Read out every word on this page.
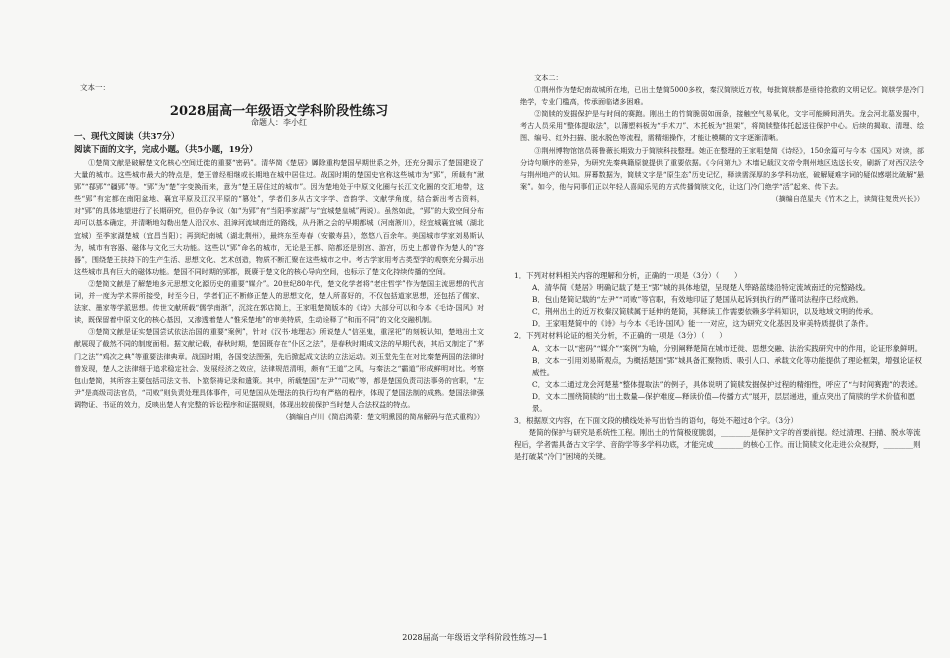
文本一：
2028届高一年级语文学科阶段性练习
命题人：李小红
一、现代文阅读（共37分）
阅读下面的文字，完成小题。（共5小题，19分）

①楚简文献是破解楚文化核心空间迁徙的重要“密码”。清华简《楚居》羼除重构楚国早期世系之外，还充分揭示了楚国建设了大量的城市。这些城市最大的特点是，楚王曾经相继或长期地在城中居住过。战国时期的楚国史官称这些城市为“郢”，所载有“湫郢”“鄀郢”“疆郢”等。“郢”为“楚”字变换而来，意为“楚王居住过的城市”。因为楚地处于中原文化圈与长江文化圈的交汇地带，这些“郢”有定都在南阳盆地、襄宜平原及江汉平原的“篡处”，学者们多从古文字学、音韵学、文献学角度，结合新出考古资料，对“郢”的具体地望进行了长期研究，但仍存争议（如“为郢”有“当阳季家湖”与“宜城楚皇城”两说）。虽然如此，“郢”的大致空间分布却可以基本确定，并清晰地勾勒出楚人沿汉水、沮漳河流域南迁的路线，从丹淅之会的早期都城（河南淅川），经宜城襄宜城（湖北宜城）至季家湖楚城（宜昌当阳）；再到纪南城（湖北荆州），最终东至寿春（安徽寿县），悠悠八百余年。美国城市学家刘易斯认为，城市有容器、磁体与文化三大功能。这些以“郢”命名的城市，无论是王都、陪都还是别宫、游宫，历史上都曾作为楚人的“容器”，围绕楚王扶持下的生产生活、思想文化、艺术创造，物质不断汇聚在这些城市之中。考古学家用考古类型学的观察充分揭示出这些城市具有巨大的磁体功能。楚国不同时期的郢都，既赓于楚文化的核心导向空间，也标示了楚文化持续传播的空间。

②楚简文献是了解楚地多元思想文化源历史的重要“媒介”。20世纪80年代，楚文化学者将“老庄哲学”作为楚国主流思想的代言词，并一度为学术界所接受，时至今日，学者们正不断修正楚人的思想文化，楚人所喜好的，不仅包括道家思想，还包括了儒家、法家、墨家等学派思想。传世文献所载“儒学南渐”，沉淀在郭店简上，王家咀楚简版本的《诗》大部分可以和今本《毛诗·国风》对读，既保留着中原文化的核心基因，又渗透着楚人“惟采楚地”的审美特质，生动诠释了“和而不同”的文化交融机制。

③楚简文献是证实楚国尝试依法治国的重要“案例”，针对《汉书·地理志》所说楚人“信巫鬼，重淫祀”的刻板认知，楚地出土文献展现了截然不同的制度面相。据文献记载，春秋时期，楚国既存在“仆区之法”，是春秋时期成文法的早期代表，其后又制定了“茅门之法”“鸡次之典”等重要法律典章。战国时期，各国变法图强，先后掀起成文法的立法运动。刘玉堂先生在对比秦楚两国的法律时曾发现，楚人之法律细于追求稳定社会、发展经济之效应，法律规范清明，颇有“王道”之风，与秦法之“霸道”形成鲜明对比。考察包山楚简，其所容主要包括司法文书、卜筮祭祷记录和遣策。其中，所载楚国“左尹”“司败”等，都是楚国负责司法事务的官职，“左尹”是高级司法官员，“司败”则负责处理具体事件，可见楚国从处理法的执行均有严格的程序，体现了楚国法制的成熟。楚国法律强调物证、书证的效力，反映出楚人有完整的诉讼程序和证据规则，体现出较前保护当时楚人合法权益的特点。

（摘编自卢川《简启鸿蒙：楚文明熏园的简帛解码与范式重构》）

文本二：

①荆州作为楚纪南故城所在地，已出土楚简5000多枚，秦汉简牍近万枚，每批简牍都是亟待抢救的文明记忆。简牍学是冷门绝学，专业门槛高，传承面临诸多困难。

②简牍的发掘保护是与时间的赛跑。刚出土的竹简脆弱如面条，接触空气易氧化，文字可能瞬间消失。龙会河北墓发掘中，考古人员采用“整体提取法”，以薄塑料板为“手术刀”、木托板为“担架”，将简牍整体托起送往保护中心。后续的揭取、清理、绘图、编号、红外扫描、脱水脱色等流程，需精细操作，才能让模糊的文字逐渐清晰。

③荆州博物馆馆员蒋鲁薇长期致力于简牍科技整理。她正在整理的王家咀楚简《诗经》，150余篇可与今本《国风》对读，部分诗句顺序的差异，为研究先秦典籍原貌提供了重要依据。《今问第九》木墙记载汉文帝令荆州地区选送长安，刷新了对西汉法令与荆州地产的认知。屏幕数据为，简牍文字是“原生态”历史记忆，释读需深厚的多学科功底，破解疑难字词的疑似感堪比破解“悬案”。如今，他与同事们正以年轻人喜闻乐见的方式传播简牍文化，让这门冷门绝学“活”起来、传下去。

（摘编自范星夫《竹木之上，读简往复贵兴长》）

1．下列对材料相关内容的理解和分析，正确的一项是（3分）（　　）

A．清华简《楚居》明确记载了楚王“郢”城的具体地望，呈现楚人筚路蓝缕沿特定流域南迁的完整路线。

B．包山楚简记载的“左尹”“司败”等官职，有效地印证了楚国从起诉到执行的严谨司法程序已经成熟。

C．荆州出土的近万枚秦汉简牍属于延伸的楚简，其释读工作需要依赖多学科知识，以及地域文明的传承。

D．王家咀楚简中的《诗》与今本《毛诗·国风》能一一对应，这为研究文化基因及审美特质提供了条件。

2．下列对材料论证的相关分析，不正确的一项是（3分）（　　）

A．文本一以“密码”“媒介”“案例”为喻，分别阐释楚简在城市迁徙、思想交融、法治实践研究中的作用，论证形象鲜明。

B．文本一引用刘易斯观点，为概括楚国“郢”城具备汇聚物质、吸引人口、承载文化等功能提供了理论框架，增强论证权威性。

C．文本二通过龙会河楚墓“整体提取法”的例子，具体说明了简牍发掘保护过程的精细性，呼应了“与时间赛跑”的表述。

D．文本二围绕简牍的“出土数量—保护难度—释读价值—传播方式”展开，层层递进，重点突出了简牍的学术价值和愿景。

3．根据原文内容，在下面文段的横线处补写出恰当的语句，每处不超过8个字。（3分）

楚简的保护与研究是系统性工程。刚出土的竹简极度脆弱，________是保护文字的首要前提。经过清理、扫描、脱水等流程后，学者需具备古文字学、音韵学等多学科功底，才能完成________的核心工作。而让简牍文化走进公众视野，________则是打破某“冷门”困境的关键。

2028届高一年级语文学科阶段性练习—1
